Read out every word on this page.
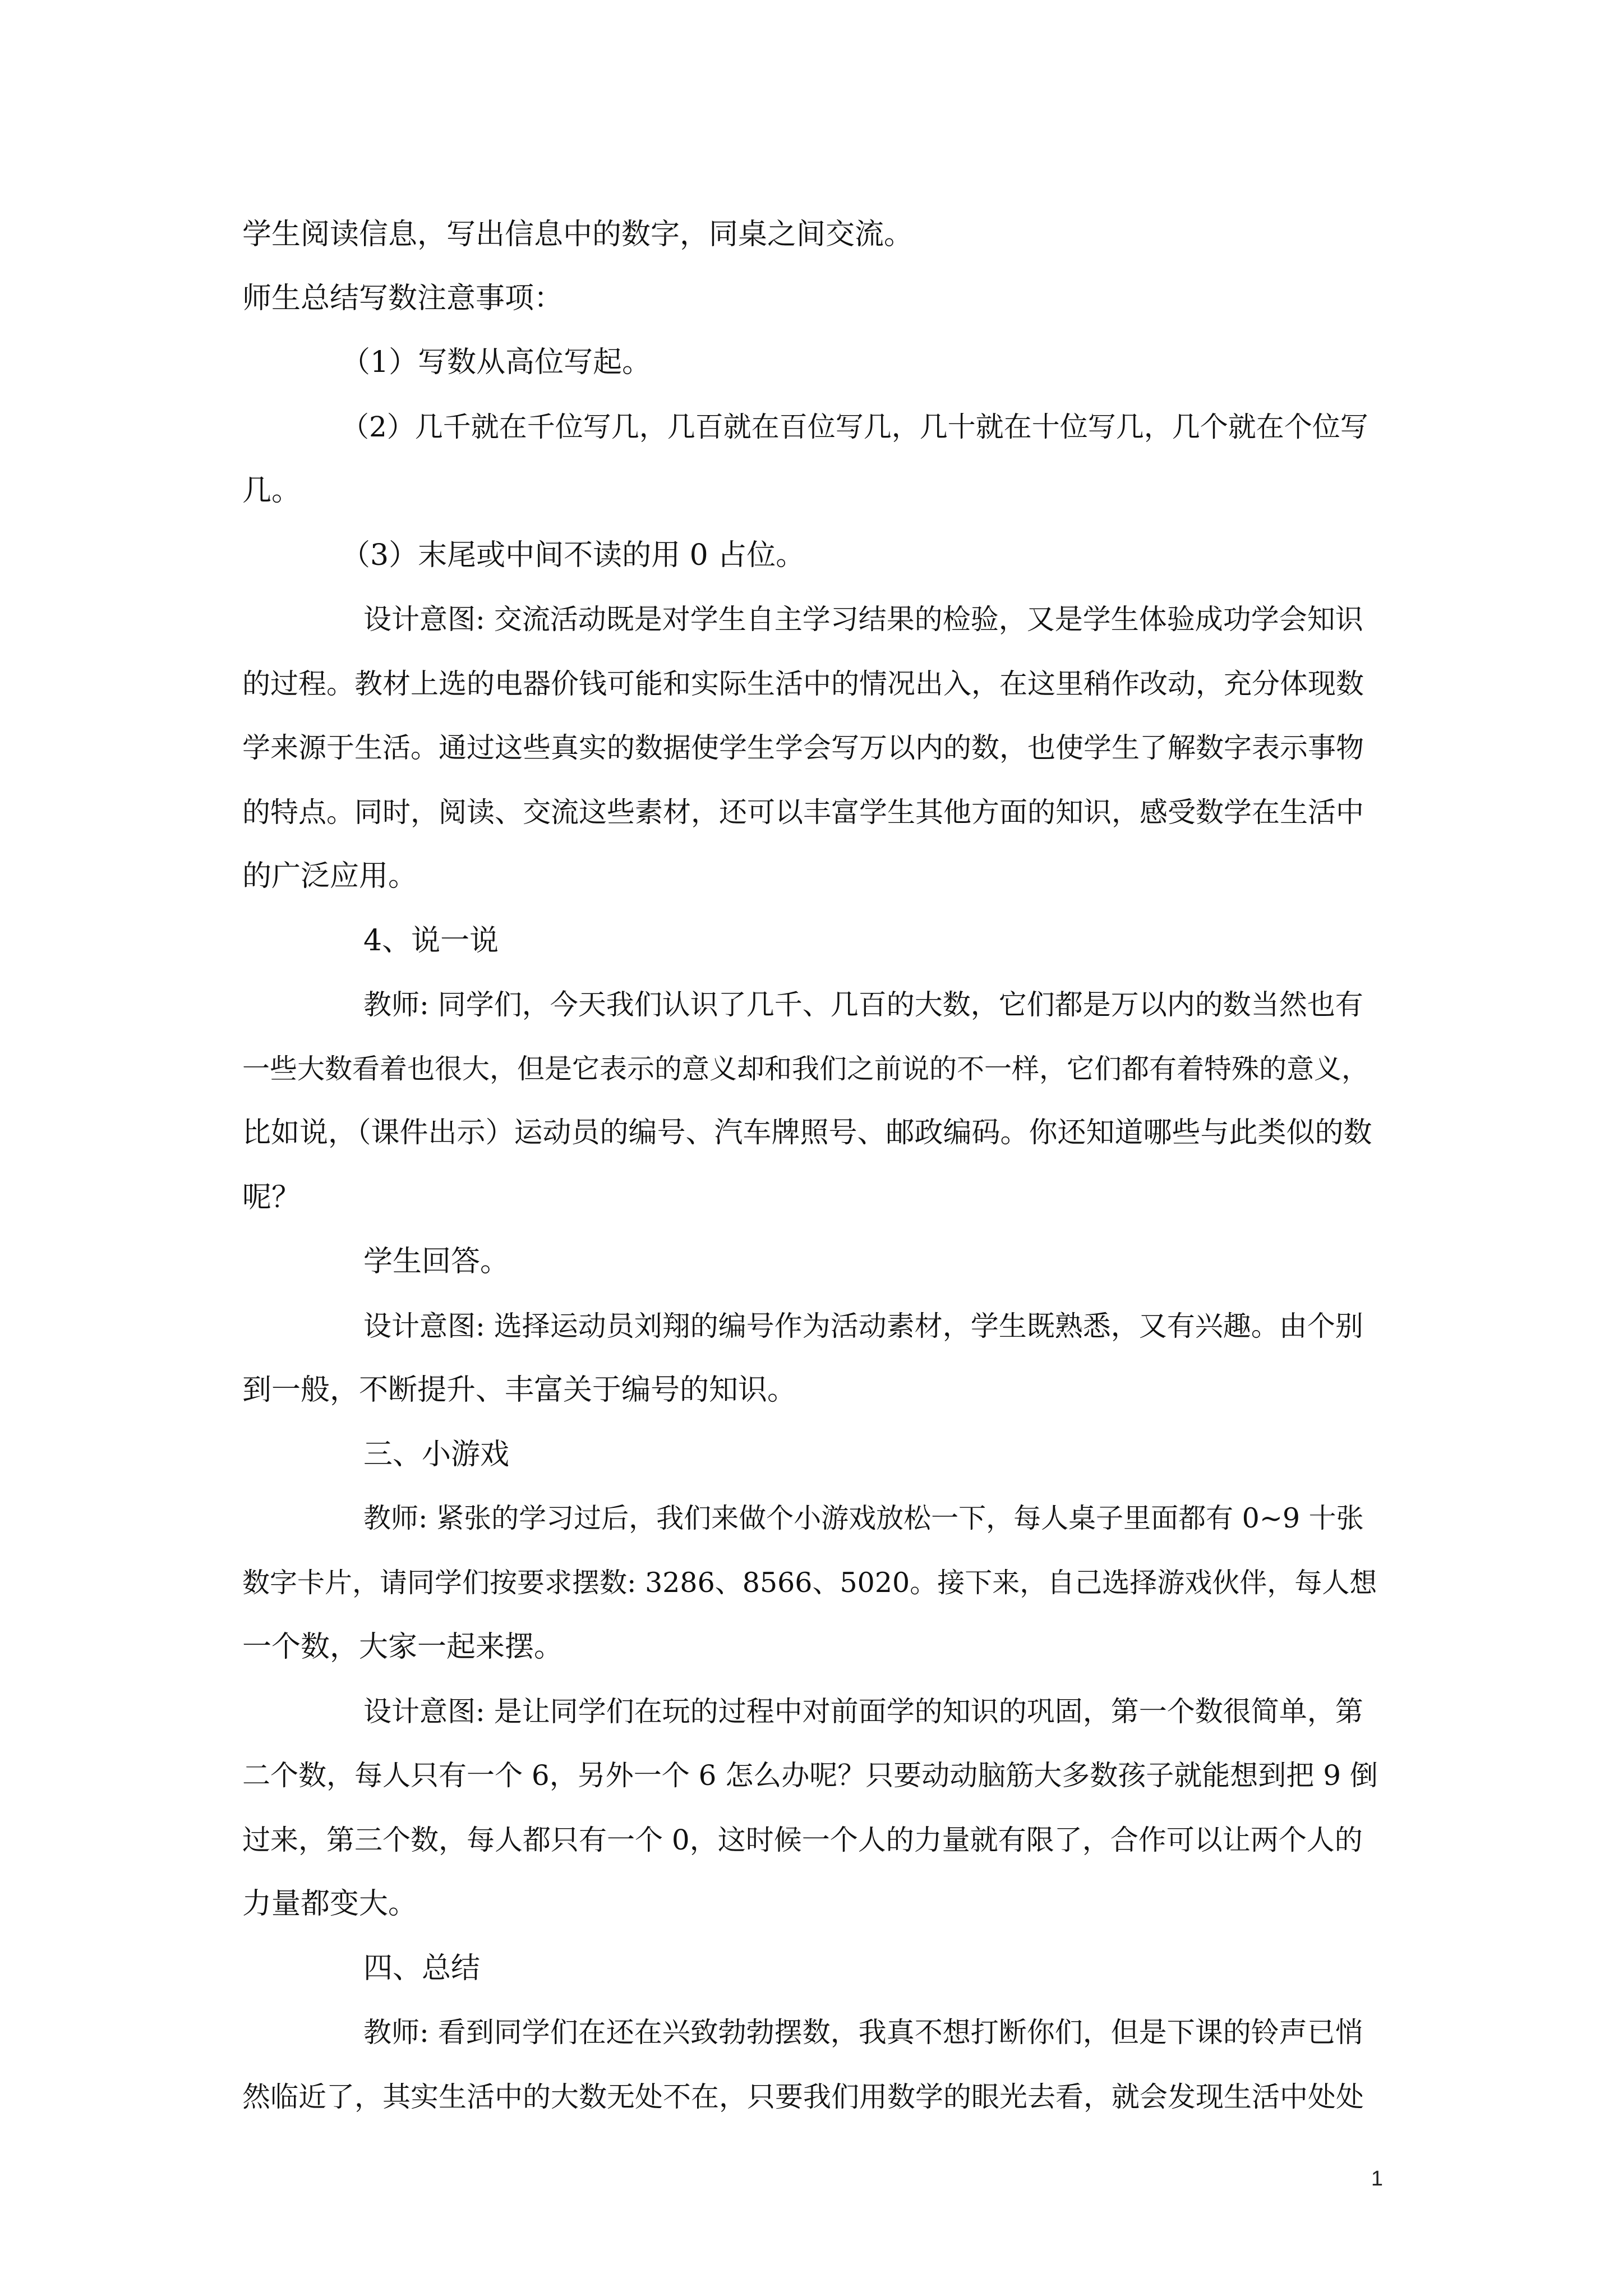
学生阅读信息，写出信息中的数字，同桌之间交流。
师生总结写数注意事项：
（1）写数从高位写起。
（2）几千就在千位写几，几百就在百位写几，几十就在十位写几，几个就在个位写
几。
（3）末尾或中间不读的用 0 占位。
设计意图: 交流活动既是对学生自主学习结果的检验，又是学生体验成功学会知识
的过程。教材上选的电器价钱可能和实际生活中的情况出入，在这里稍作改动，充分体现数
学来源于生活。通过这些真实的数据使学生学会写万以内的数，也使学生了解数字表示事物
的特点。同时，阅读、交流这些素材，还可以丰富学生其他方面的知识，感受数学在生活中
的广泛应用。
4、说一说
教师: 同学们，今天我们认识了几千、几百的大数，它们都是万以内的数当然也有
一些大数看着也很大，但是它表示的意义却和我们之前说的不一样，它们都有着特殊的意义，
比如说，（课件出示）运动员的编号、汽车牌照号、邮政编码。你还知道哪些与此类似的数
呢？
学生回答。
设计意图: 选择运动员刘翔的编号作为活动素材，学生既熟悉，又有兴趣。由个别
到一般，不断提升、丰富关于编号的知识。
三、小游戏
教师: 紧张的学习过后，我们来做个小游戏放松一下，每人桌子里面都有 0~9 十张
数字卡片，请同学们按要求摆数: 3286、8566、5020。接下来，自己选择游戏伙伴，每人想
一个数，大家一起来摆。
设计意图: 是让同学们在玩的过程中对前面学的知识的巩固，第一个数很简单，第
二个数，每人只有一个 6，另外一个 6 怎么办呢？只要动动脑筋大多数孩子就能想到把 9 倒
过来，第三个数，每人都只有一个 0，这时候一个人的力量就有限了，合作可以让两个人的
力量都变大。
四、总结
教师: 看到同学们在还在兴致勃勃摆数，我真不想打断你们，但是下课的铃声已悄
然临近了，其实生活中的大数无处不在，只要我们用数学的眼光去看，就会发现生活中处处
1
